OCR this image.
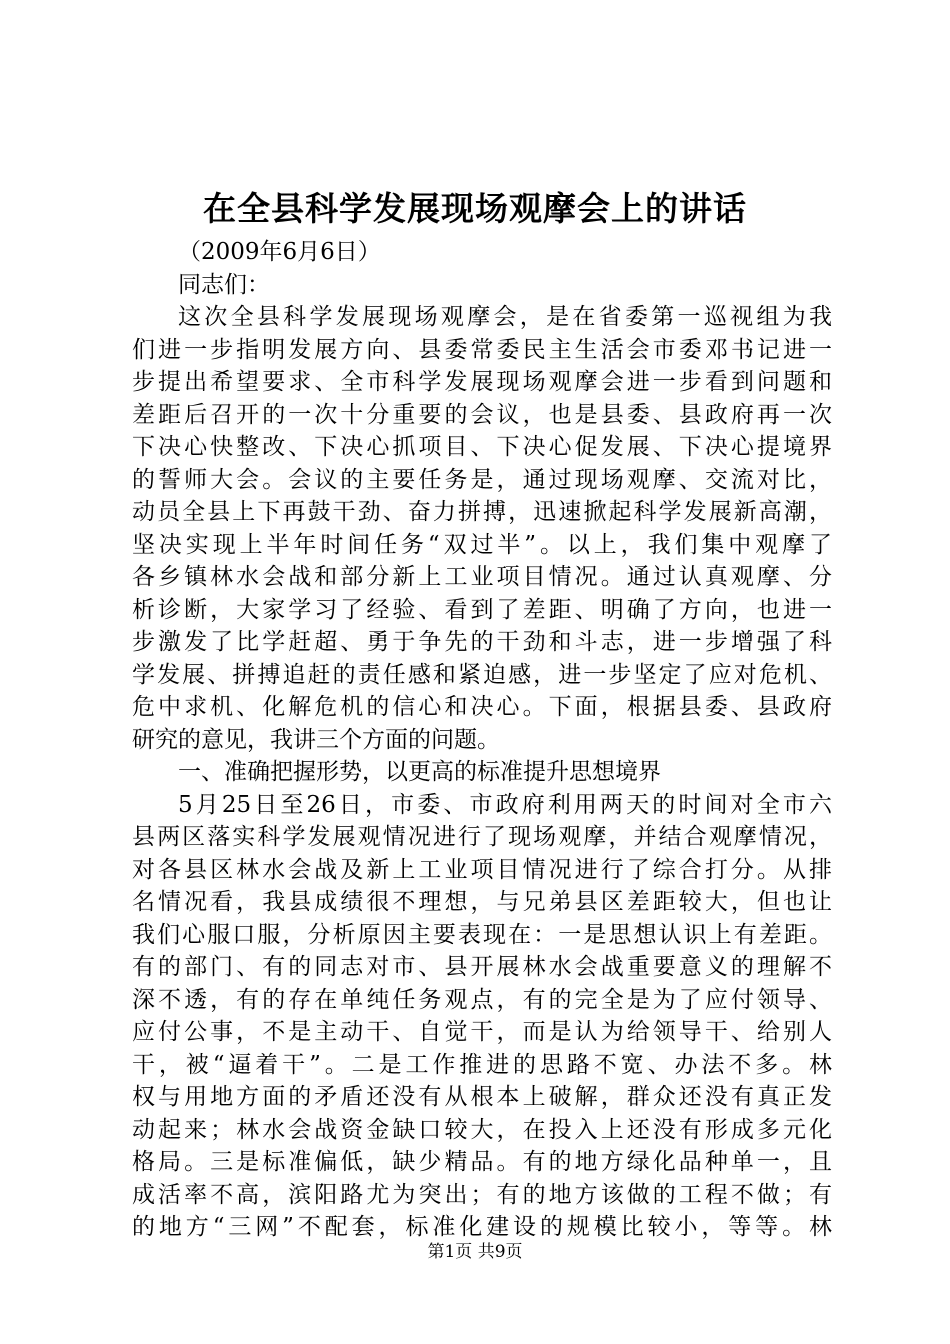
在全县科学发展现场观摩会上的讲话
（2009年6月6日）
同志们：
这次全县科学发展现场观摩会，是在省委第一巡视组为我
们进一步指明发展方向、县委常委民主生活会市委邓书记进一
步提出希望要求、全市科学发展现场观摩会进一步看到问题和
差距后召开的一次十分重要的会议，也是县委、县政府再一次
下决心快整改、下决心抓项目、下决心促发展、下决心提境界
的誓师大会。会议的主要任务是，通过现场观摩、交流对比，
动员全县上下再鼓干劲、奋力拼搏，迅速掀起科学发展新高潮，
坚决实现上半年时间任务“双过半”。以上，我们集中观摩了
各乡镇林水会战和部分新上工业项目情况。通过认真观摩、分
析诊断，大家学习了经验、看到了差距、明确了方向，也进一
步激发了比学赶超、勇于争先的干劲和斗志，进一步增强了科
学发展、拼搏追赶的责任感和紧迫感，进一步坚定了应对危机、
危中求机、化解危机的信心和决心。下面，根据县委、县政府
研究的意见，我讲三个方面的问题。
一、准确把握形势，以更高的标准提升思想境界
5月25日至26日，市委、市政府利用两天的时间对全市六
县两区落实科学发展观情况进行了现场观摩，并结合观摩情况，
对各县区林水会战及新上工业项目情况进行了综合打分。从排
名情况看，我县成绩很不理想，与兄弟县区差距较大，但也让
我们心服口服，分析原因主要表现在：一是思想认识上有差距。
有的部门、有的同志对市、县开展林水会战重要意义的理解不
深不透，有的存在单纯任务观点，有的完全是为了应付领导、
应付公事，不是主动干、自觉干，而是认为给领导干、给别人
干，被“逼着干”。二是工作推进的思路不宽、办法不多。林
权与用地方面的矛盾还没有从根本上破解，群众还没有真正发
动起来；林水会战资金缺口较大，在投入上还没有形成多元化
格局。三是标准偏低，缺少精品。有的地方绿化品种单一，且
成活率不高，滨阳路尤为突出；有的地方该做的工程不做；有
的地方“三网”不配套，标准化建设的规模比较小，等等。林
第1页 共9页
